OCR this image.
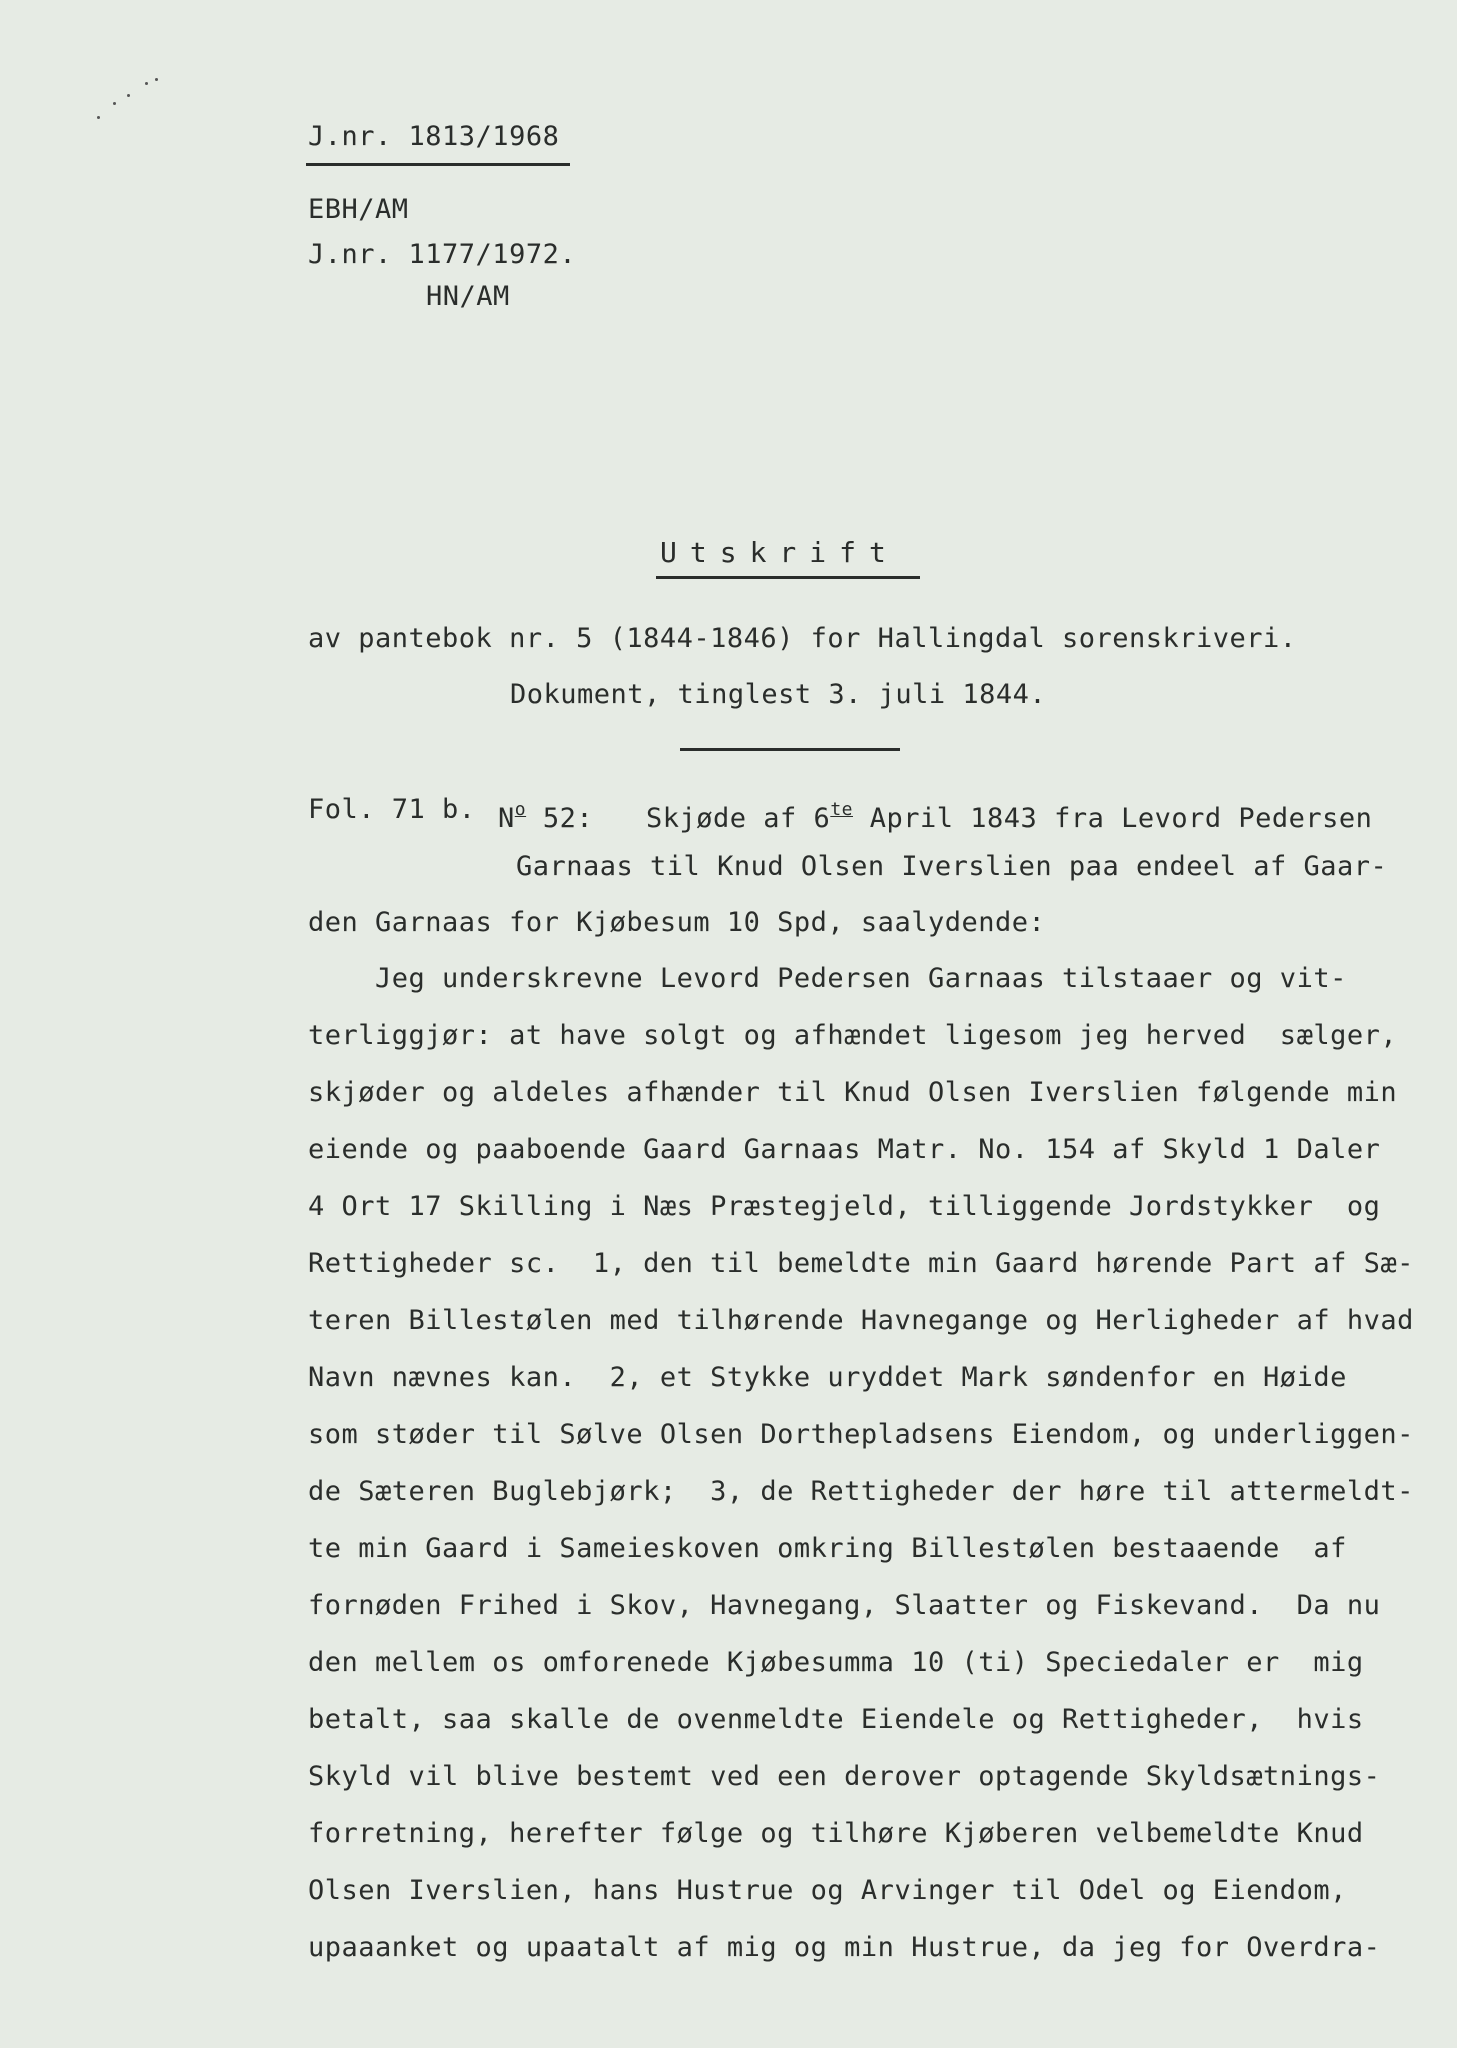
J.nr. 1813/1968
EBH/AM
J.nr. 1177/1972.
HN/AM
Utskrift
av pantebok nr. 5 (1844-1846) for Hallingdal sorenskriveri.
Dokument, tinglest 3. juli 1844.
Fol. 71 b. $N^o$ 52: Skjøde af $6^{te}$ April 1843 fra Levord Pedersen
Garnaas til Knud Olsen Iverslien paa endeel af Gaar-
den Garnaas for Kjøbesum 10 Spd, saalydende:
Jeg underskrevne Levord Pedersen Garnaas tilstaaer og vit-
terliggjør: at have solgt og afhændet ligesom jeg herved  sælger,
skjøder og aldeles afhænder til Knud Olsen Iverslien følgende min
eiende og paaboende Gaard Garnaas Matr. No. 154 af Skyld 1 Daler
4 Ort 17 Skilling i Næs Præstegjeld, tilliggende Jordstykker  og
Rettigheder sc.  1, den til bemeldte min Gaard hørende Part af Sæ-
teren Billestølen med tilhørende Havnegange og Herligheder af hvad
Navn nævnes kan.  2, et Stykke uryddet Mark søndenfor en Høide
som støder til Sølve Olsen Dorthepladsens Eiendom, og underliggen-
de Sæteren Buglebjørk;  3, de Rettigheder der høre til attermeldt-
te min Gaard i Sameieskoven omkring Billestølen bestaaende  af
fornøden Frihed i Skov, Havnegang, Slaatter og Fiskevand.  Da nu
den mellem os omforenede Kjøbesumma 10 (ti) Speciedaler er  mig
betalt, saa skalle de ovenmeldte Eiendele og Rettigheder,  hvis
Skyld vil blive bestemt ved een derover optagende Skyldsætnings-
forretning, herefter følge og tilhøre Kjøberen velbemeldte Knud
Olsen Iverslien, hans Hustrue og Arvinger til Odel og Eiendom,
upaaanket og upaatalt af mig og min Hustrue, da jeg for Overdra-
